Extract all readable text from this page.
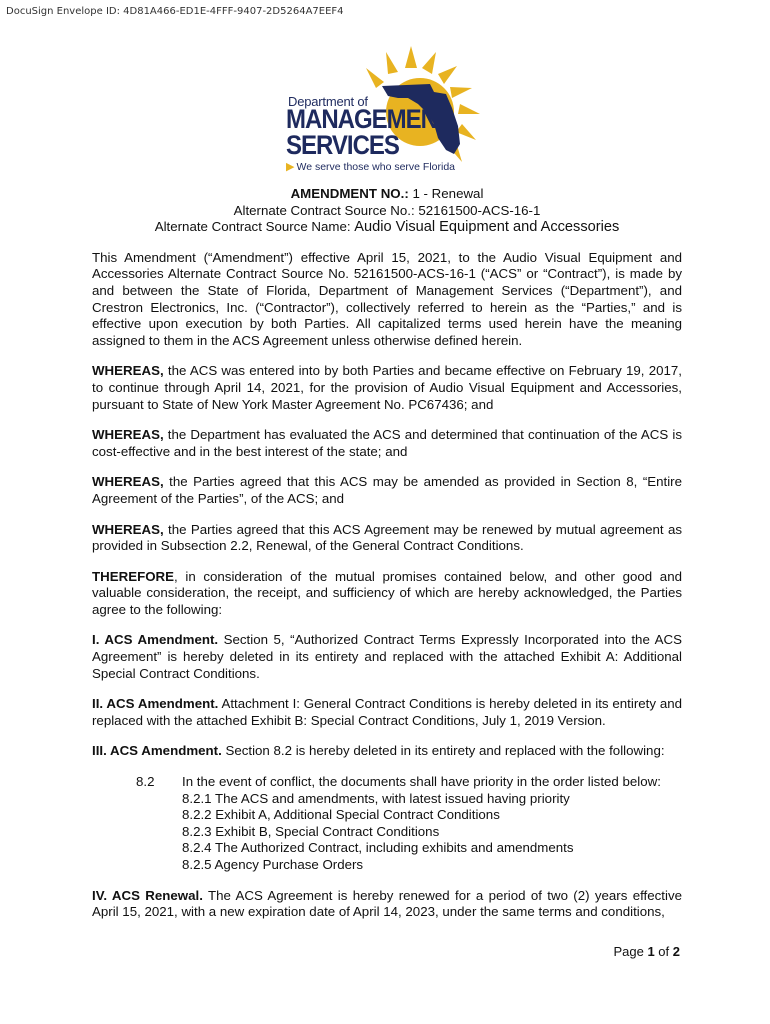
DocuSign Envelope ID: 4D81A466-ED1E-4FFF-9407-2D5264A7EEF4
Department of
MANAGEMENT
SERVICES
▶ We serve those who serve Florida
AMENDMENT NO.: 1 - Renewal
Alternate Contract Source No.: 52161500-ACS-16-1
Alternate Contract Source Name: Audio Visual Equipment and Accessories

This Amendment (“Amendment”) effective April 15, 2021, to the Audio Visual Equipment and Accessories Alternate Contract Source No. 52161500-ACS-16-1 (“ACS” or “Contract”), is made by and between the State of Florida, Department of Management Services (“Department”), and Crestron Electronics, Inc. (“Contractor”), collectively referred to herein as the “Parties,” and is effective upon execution by both Parties. All capitalized terms used herein have the meaning assigned to them in the ACS Agreement unless otherwise defined herein.

WHEREAS, the ACS was entered into by both Parties and became effective on February 19, 2017, to continue through April 14, 2021, for the provision of Audio Visual Equipment and Accessories, pursuant to State of New York Master Agreement No. PC67436; and

WHEREAS, the Department has evaluated the ACS and determined that continuation of the ACS is cost-effective and in the best interest of the state; and

WHEREAS, the Parties agreed that this ACS may be amended as provided in Section 8, “Entire Agreement of the Parties”, of the ACS; and

WHEREAS, the Parties agreed that this ACS Agreement may be renewed by mutual agreement as provided in Subsection 2.2, Renewal, of the General Contract Conditions.

THEREFORE, in consideration of the mutual promises contained below, and other good and valuable consideration, the receipt, and sufficiency of which are hereby acknowledged, the Parties agree to the following:

I. ACS Amendment. Section 5, “Authorized Contract Terms Expressly Incorporated into the ACS Agreement” is hereby deleted in its entirety and replaced with the attached Exhibit A: Additional Special Contract Conditions.

II. ACS Amendment. Attachment I: General Contract Conditions is hereby deleted in its entirety and replaced with the attached Exhibit B: Special Contract Conditions, July 1, 2019 Version.

III. ACS Amendment. Section 8.2 is hereby deleted in its entirety and replaced with the following:

8.2	In the event of conflict, the documents shall have priority in the order listed below:
8.2.1 The ACS and amendments, with latest issued having priority
8.2.2 Exhibit A, Additional Special Contract Conditions
8.2.3 Exhibit B, Special Contract Conditions
8.2.4 The Authorized Contract, including exhibits and amendments
8.2.5 Agency Purchase Orders

IV. ACS Renewal. The ACS Agreement is hereby renewed for a period of two (2) years effective April 15, 2021, with a new expiration date of April 14, 2023, under the same terms and conditions,

Page 1 of 2
